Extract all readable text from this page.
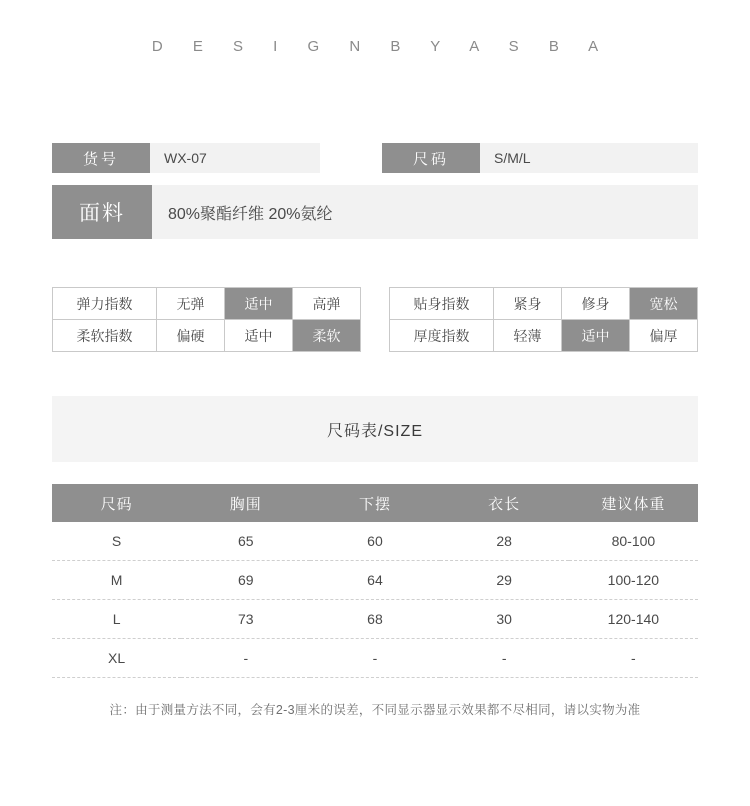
D E S I G N B Y A S B A
货号	WX-07	尺码	S/M/L
面料	80%聚酯纤维 20%氨纶
弹力指数	无弹	适中	高弹
柔软指数	偏硬	适中	柔软
贴身指数	紧身	修身	宽松
厚度指数	轻薄	适中	偏厚
尺码表/SIZE
尺码	胸围	下摆	衣长	建议体重
S	65	60	28	80-100
M	69	64	29	100-120
L	73	68	30	120-140
XL	-	-	-	-
注：由于测量方法不同，会有2-3厘米的误差，不同显示器显示效果都不尽相同，请以实物为准
